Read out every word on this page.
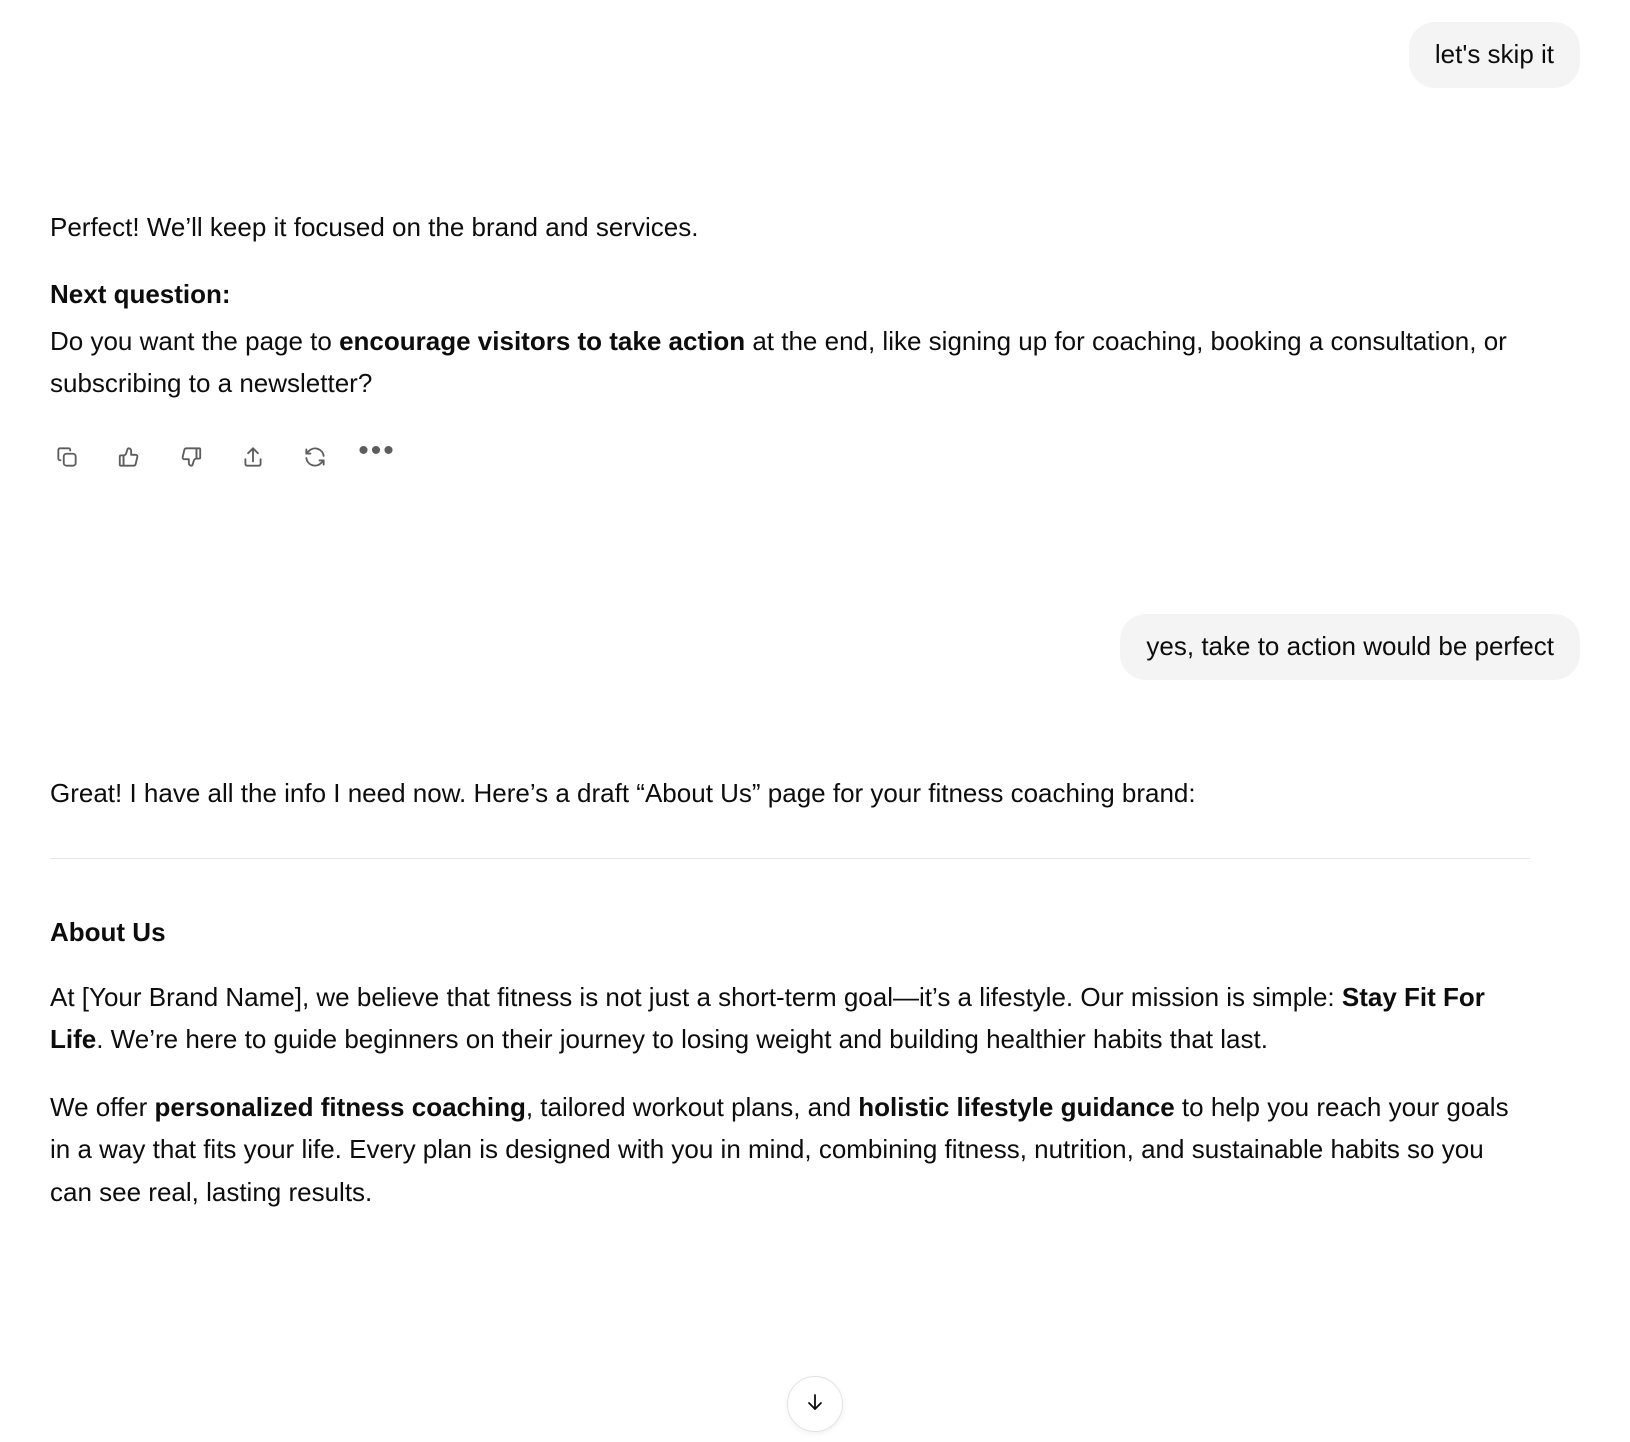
let's skip it

Perfect! We’ll keep it focused on the brand and services.

Next question:

Do you want the page to encourage visitors to take action at the end, like signing up for coaching, booking a consultation, or subscribing to a newsletter?

•••
yes, take to action would be perfect

Great! I have all the info I need now. Here’s a draft “About Us” page for your fitness coaching brand:

About Us

At [Your Brand Name], we believe that fitness is not just a short-term goal—it’s a lifestyle. Our mission is simple: Stay Fit For Life. We’re here to guide beginners on their journey to losing weight and building healthier habits that last.

We offer personalized fitness coaching, tailored workout plans, and holistic lifestyle guidance to help you reach your goals in a way that fits your life. Every plan is designed with you in mind, combining fitness, nutrition, and sustainable habits so you can see real, lasting results.
